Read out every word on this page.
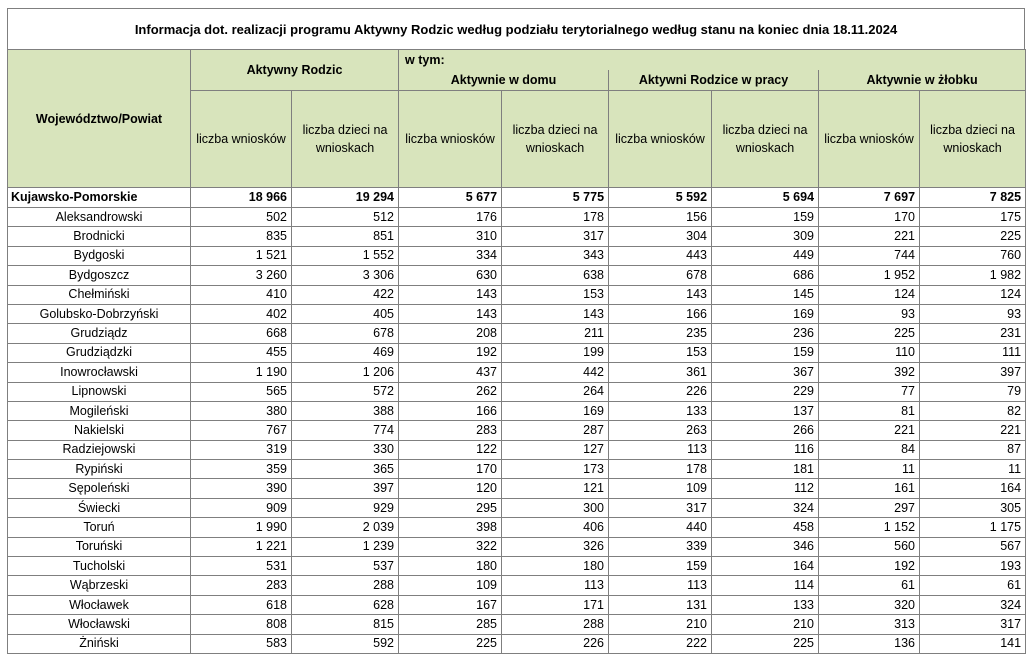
Informacja dot. realizacji programu Aktywny Rodzic według podziału terytorialnego według stanu na koniec dnia 18.11.2024
Województwo/Powiat	Aktywny Rodzic		w tym:					
			Aktywnie w domu		Aktywni Rodzice w pracy		Aktywnie w żłobku	
	liczba wniosków	liczba dzieci na wnioskach	liczba wniosków	liczba dzieci na wnioskach	liczba wniosków	liczba dzieci na wnioskach	liczba wniosków	liczba dzieci na wnioskach
Kujawsko-Pomorskie	18 966	19 294	5 677	5 775	5 592	5 694	7 697	7 825
Aleksandrowski	502	512	176	178	156	159	170	175
Brodnicki	835	851	310	317	304	309	221	225
Bydgoski	1 521	1 552	334	343	443	449	744	760
Bydgoszcz	3 260	3 306	630	638	678	686	1 952	1 982
Chełmiński	410	422	143	153	143	145	124	124
Golubsko-Dobrzyński	402	405	143	143	166	169	93	93
Grudziądz	668	678	208	211	235	236	225	231
Grudziądzki	455	469	192	199	153	159	110	111
Inowrocławski	1 190	1 206	437	442	361	367	392	397
Lipnowski	565	572	262	264	226	229	77	79
Mogileński	380	388	166	169	133	137	81	82
Nakielski	767	774	283	287	263	266	221	221
Radziejowski	319	330	122	127	113	116	84	87
Rypiński	359	365	170	173	178	181	11	11
Sępoleński	390	397	120	121	109	112	161	164
Świecki	909	929	295	300	317	324	297	305
Toruń	1 990	2 039	398	406	440	458	1 152	1 175
Toruński	1 221	1 239	322	326	339	346	560	567
Tucholski	531	537	180	180	159	164	192	193
Wąbrzeski	283	288	109	113	113	114	61	61
Włocławek	618	628	167	171	131	133	320	324
Włocławski	808	815	285	288	210	210	313	317
Żniński	583	592	225	226	222	225	136	141
